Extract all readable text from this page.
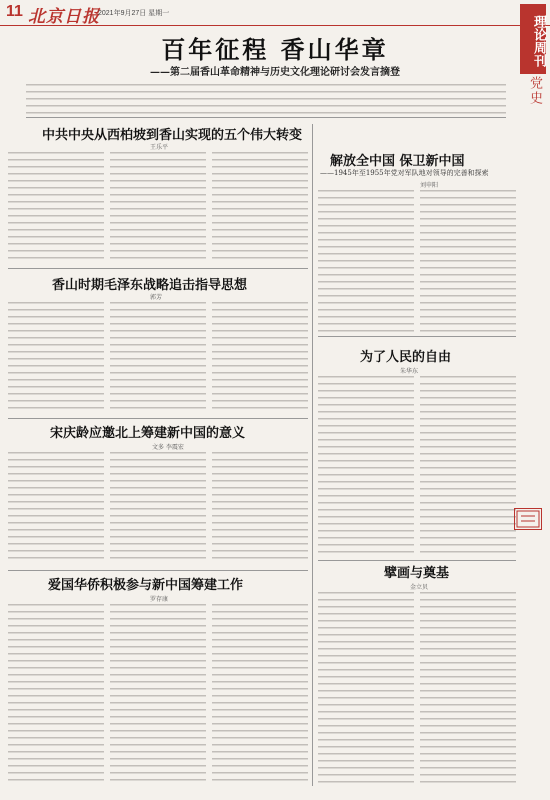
11 北京日报
2021年9月27日 星期一
理论周刊
党史
百年征程 香山华章
——第二届香山革命精神与历史文化理论研讨会发言摘登
中共中央从西柏坡到香山实现的五个伟大转变
王乐平
香山时期毛泽东战略追击指导思想
郭芳
宋庆龄应邀北上筹建新中国的意义
文多 李震宏
爱国华侨积极参与新中国筹建工作
罗存康
解放全中国 保卫新中国
——1945年至1955年党对军队地对领导的完善和探索
刘申阳
为了人民的自由
朱华东
擘画与奠基
金立贝
